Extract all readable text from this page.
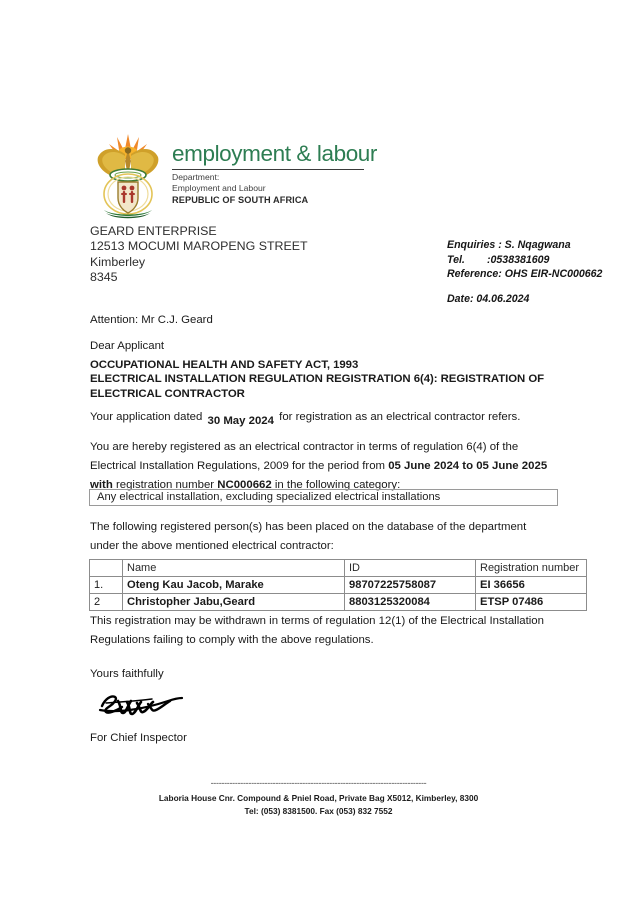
employment & labour
Department:
Employment and Labour
REPUBLIC OF SOUTH AFRICA
GEARD ENTERPRISE
12513 MOCUMI MAROPENG STREET
Kimberley
8345
Enquiries : S. Nqagwana
Tel. :0538381609
Reference: OHS EIR-NC000662
Date: 04.06.2024
Attention: Mr C.J. Geard
Dear Applicant
OCCUPATIONAL HEALTH AND SAFETY ACT, 1993
ELECTRICAL INSTALLATION REGULATION REGISTRATION 6(4): REGISTRATION OF ELECTRICAL CONTRACTOR
Your application dated 30 May 2024 for registration as an electrical contractor refers.
You are hereby registered as an electrical contractor in terms of regulation 6(4) of the Electrical Installation Regulations, 2009 for the period from 05 June 2024 to 05 June 2025 with registration number NC000662 in the following category:
Any electrical installation, excluding specialized electrical installations
The following registered person(s) has been placed on the database of the department under the above mentioned electrical contractor:
	Name	ID	Registration number
1.	Oteng Kau Jacob, Marake	98707225758087	EI 36656
2	Christopher Jabu,Geard	8803125320084	ETSP 07486
This registration may be withdrawn in terms of regulation 12(1) of the Electrical Installation Regulations failing to comply with the above regulations.
Yours faithfully
For Chief Inspector
--------------------------------------------------------------------------------
Laboria House Cnr. Compound & Pniel Road, Private Bag X5012, Kimberley, 8300
Tel: (053) 8381500. Fax (053) 832 7552
